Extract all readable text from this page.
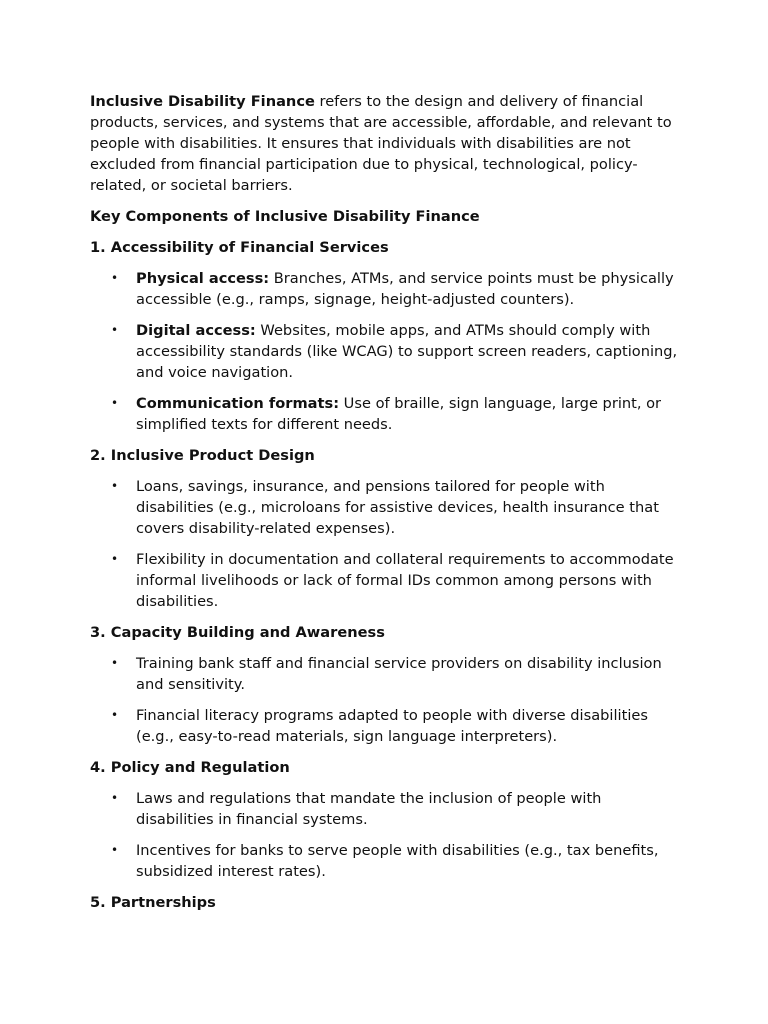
Inclusive Disability Finance refers to the design and delivery of financial products, services, and systems that are accessible, affordable, and relevant to people with disabilities. It ensures that individuals with disabilities are not excluded from financial participation due to physical, technological, policy-related, or societal barriers.

Key Components of Inclusive Disability Finance
1. Accessibility of Financial Services
• Physical access: Branches, ATMs, and service points must be physically accessible (e.g., ramps, signage, height-adjusted counters).
• Digital access: Websites, mobile apps, and ATMs should comply with accessibility standards (like WCAG) to support screen readers, captioning, and voice navigation.
• Communication formats: Use of braille, sign language, large print, or simplified texts for different needs.
2. Inclusive Product Design
• Loans, savings, insurance, and pensions tailored for people with disabilities (e.g., microloans for assistive devices, health insurance that covers disability-related expenses).
• Flexibility in documentation and collateral requirements to accommodate informal livelihoods or lack of formal IDs common among persons with disabilities.
3. Capacity Building and Awareness
• Training bank staff and financial service providers on disability inclusion and sensitivity.
• Financial literacy programs adapted to people with diverse disabilities (e.g., easy-to-read materials, sign language interpreters).
4. Policy and Regulation
• Laws and regulations that mandate the inclusion of people with disabilities in financial systems.
• Incentives for banks to serve people with disabilities (e.g., tax benefits, subsidized interest rates).
5. Partnerships
